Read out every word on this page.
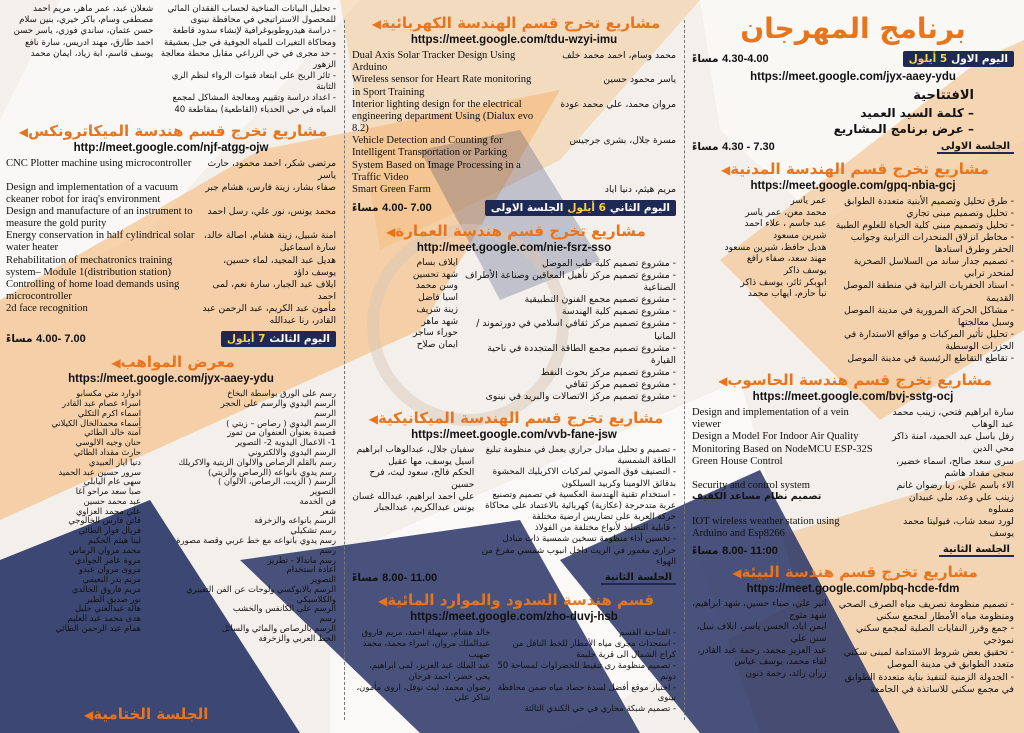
برنامج المهرجان
اليوم الاول
5 أيلول
4.30-4.00 مساءً
https://meet.google.com/jyx-aaey-ydu
الافتتاحية
– كلمة السيد العميد
– عرض برنامج المشاريع
الجلسة الاولى
7.30 - 4.30 مساءً
مشاريع تخرج قسم الهندسة المدنية◀
https://meet.google.com/gpq-nbia-gcj
- طرق تحليل وتصميم الأبنية متعددة الطوابق
- تحليل وتصميم مبنى تجاري
- تحليل وتصميم مبنى كلية الحياة للعلوم الطبية
- مخاطر انزلاق المنحدرات الترابية وجوانب الحفر وطرق اسنادها
- تصميم جدار ساند من السلاسل الصخرية لمنحدر ترابي
- اسناد الحفريات الترابية في منطقة الموصل القديمة
- مشاكل الحركة المرورية في مدينة الموصل وسبل معالجتها
- تحليل تأثير المركبات و مواقع الاستدارة في الجزرات الوسطية
- تقاطع التقاطع الرئيسية في مدينة الموصل
عمر ياسر
محمد معن، عمر ياسر
عبد جاسم ، علاء احمد
شيرين مسعود
هديل حافظ، شيرين مسعود
مهند سعد، صفاء رافع
يوسف ذاكر
ابوبكر ثائر، يوسف ذاكر
نبأ حازم، ايهاب محمد
مشاريع تخرج قسم هندسة الحاسوب◀
https://meet.google.com/bvj-sstg-ocj
سارة ابراهيم فتحي، زينب محمد عبد الوهاب
Design and implementation of a vein viewer
رفل باسل عبد الحميد، امنة ذاكر محي الدين
Design a Model For Indoor Air Quality Monitoring Based on NodeMCU ESP-32S
سرى سعد صالح، اسماء خضير، سجى مقداد هاشم
Green House Control
الاء باسم علي، ربا رضوان غانم
Security and control system
زينب علي وعد، ملى عبيدان مسلوه
تصميم نظام مساعد الكفيف
لورد سعد شاب، فيوليتا محمد يوسف
IOT wireless weather station using Arduino and Esp8266
الجلسة الثانية
11:00 -8.00 مساءً
مشاريع تخرج قسم هندسة البيئة◀
https://meet.google.com/pbq-hcde-fdm
- تصميم منظومة تصريف مياه الصرف الصحي ومنظومة مياه الأمطار لمجمع سكني
- جمع وفرز النفايات الصلبة لمجمع سكني نموذجي
- تحقيق بعض شروط الاستدامة لمبنى سكني متعدد الطوابق في مدينة الموصل
- الجدولة الزمنية لتنفيذ بناية متعددة الطوابق في مجمع سكني للاساتذة في الجامعة
اثير علي، صباء حسين، شهد ابراهيم، شهد مثوج
ايمن اياد، الحسن ياسر، ايلاف نبيل، سنن علي
عبد العزيز محمد، رحمة عبد القادر، لقاء محمد، يوسف عباس
زران رائد، رحمة ذنون
مشاريع تخرج قسم الهندسة الكهربائية◀
https://meet.google.com/tdu-wzyi-imu
محمد وسام، احمد محمد خلف
Dual Axis Solar Tracker Design Using Arduino
ياسر محمود حسين
Wireless sensor for Heart Rate monitoring in Sport Training
مروان محمد، علي محمد عودة
Interior lighting design for the electrical engineering department Using (Dialux evo 8.2)
مسرة جلال، بشرى جرجيس
Vehicle Detection and Counting for Intelligent Transportation or Parking System Based on Image Processing in a Traffic Video
مريم هيثم، دنيا اياد
Smart Green Farm
اليوم الثاني
6 أيلول
الجلسة الاولى
7.00 -4.00 مساءً
مشاريع تخرج قسم هندسة العمارة◀
http://meet.google.com/nie-fsrz-sso
- مشروع تصميم كلية طب الموصل
- مشروع تصميم مركز تأهيل المعاقين وصناعة الأطراف الصناعية
- مشروع تصميم مجمع الفنون التطبيقية
- مشروع تصميم كلية الهندسة
- مشروع تصميم مركز ثقافي اسلامي في دورتموند / المانيا
- مشروع تصميم مجمع الطاقة المتجددة في ناحية القيارة
- مشروع تصميم مركز بحوث النفط
- مشروع تصميم مركز ثقافي
- مشروع تصميم مركز الاتصالات والبريد في نينوى
ايلاف بسام
شهد تحسين
وسن محمد
اسيا فاضل
زينة شريف
شهد ماهر
حوراء ساجر
ايمان صلاح
مشاريع تخرج قسم الهندسة الميكانيكية◀
https://meet.google.com/vvb-fane-jsw
- تصميم و تحليل مبادل حراري يعمل في منظومة تبليغ الطاقة الشمسية
- التصنيف فوق الصوتي لمركبات الاكريليك المحشوة بدقائق الالومينا وكربيد السيلكون
- استخدام تقنية الهندسة العكسية في تصميم وتصنيع عربة متدحرجة (عكازية) كهربائية بالاعتماد على محاكاة حركة العربة على تضاريس ارضية مختلفة
- قابلية التصليد لأنواع مختلفة من الفولاذ
- تحسين أداء منظومة تسخين شمسية ذات مبادل حراري مغمور في الزيت داخل انبوب شمسي مفرغ من الهواء
سفيان جلال، عبدالوهاب ابراهيم
اسيل يوسف، مها عقيل
الحكم فالح، سعود ليث، فرح حسين
علي احمد ابراهيم، عبدالله غسان
يونس عبدالكريم، عبدالجبار
الجلسة الثانية
11.00 -8.00 مساءً
قسم هندسة السدود والموارد المائية◀
https://meet.google.com/zho-duvj-hsb
- الفتاحية القسم
- استحداث مجرى مياه الأمطار للخط الناقل من كراج الشمال الى قرية حليمة
- تصميم منظومة ري تنقيط للخضراوات لمساحة 50 دونم
- اختيار موقع أفضل لسدة حصاد مياه ضمن محافظة نينوى
- تصميم شبكة مجاري في حي الكندي الثالثة
خالد هشام، سهيلة احمد، مريم فاروق
عبدالملك مروان، اسراء محمد، محمد صهيب
عبد الملك عبد العزيز، لمى ابراهيم، يحي خضر، احمد فرحان
رضوان محمد، ليث نوفل، اروى مأمون، شاكر علي
- تحليل البيانات المناخية لحساب الفقدان المائي للمحصول الاستراتيجي في محافظة نينوى
- دراسة هيدروطوبوغرافية لإنشاء سدود قاطعة ومحاكاة التغيرات للمياه الجوفية في جبل بعشيقة
- حد مجرى في حي الزراعي مقابل محطة معالجة الزهور
- ثائر الربح على ابتعاد قنوات الرواء لنظم الري الثابتة
- اعداد دراسة وتقييم ومعالجة المشاكل لمجمع المياه في حي الحدباء (القاطعية) بمقاطعة 40
شعلان عبد، عمر ماهر، مريم احمد
مصطفى وسام، باكر خيري، بنين سلام
حسن عثمان، ساندي فوزي، ياسر حسن
احمد طارق، مهند ادريس، سارة نافع
يوسف قاسم، ابة زياد، ايمان محمد
مشاريع تخرج قسم هندسة الميكاترونكس◀
http://meet.google.com/njf-atgg-ojw
مرتضى شكر، احمد محمود، حارث ياسر
CNC Plotter machine using microcontroller
صفاء بشار، زينة فارس، هشام جبر
Design and implementation of a vacuum ckeaner robot for iraq's environment
محمد يونس، نور علي، رسل احمد
Design and manufacture of an instrument to measure the gold purity
امنة شبيل، زينة هشام، اصالة خالد، سارة اسماعيل
Energy conservation in half cylindrical solar water heater
هديل عبد المجيد، لماء حسين، يوسف داؤد
Rehabilitation of mechatronics training system– Module 1(distribution station)
ايلاف عبد الجبار، سارة نعم، لمى احمد
Controlling of home load demands using microcontroller
مأمون عبد الكريم، عبد الرحمن عبد القادر، رنا عبدالله
2d face recognition
اليوم الثالث
7 أيلول
7.00 -4.00 مساءً
معرض المواهب◀
https://meet.google.com/jyx-aaey-ydu
رسم على الورق بواسطة البخاخ
الرسم اليدوي والرسم على الحجر
الرسم
الرسم اليدوي ( رصاص – زيتي )
قصيدة بعنوان العنفوان من تموز
1- الاعمال اليدوية 2- التصوير
الرسم اليدوي والالكتروني
رسم بالقلم الرصاص والالوان الزيتية والاكريلك
رسم يدوي بانواعه (الرصاص والزيتي)
الرسم ( الزيت، الرصاص، الالوان )
التصوير
فن الخدمة
شعر
الرسم بانواعه والزخرفة
رسم تشكيلي
رسم يدوي بانواعه مع خط عربي وقصة مصورة
رسم
رسم ماندالا - تطريز
اعادة استخدام
التصوير
الرسم بالابوكسي ولوحات عن الفن التعبيري والكلاسيكي
الرسم على الكانفس والخشب
رسم
الرسم بالرصاص والمائي والسائل
الخط العربي والزخرفة
ادوارد متي مكسابو
اسراء عصام عبد القادر
اسماء اكرم الثكلي
أسماء محمدالخال الكيلاني
آمنة خالد الطائي
حنان وجيه الالوسي
حارث مقداد الطائي
دنيا اياز العبيدي
سرور حسين عبد الحميد
سهى عام اليابلي
صبا سعد مراحو آغا
عبد محمد حسين
علي محمد العزاوي
فاتن فارس الخالوجي
فريال فواز الطائي
لينا هيثم الحكيم
محمد مروان الرماس
مروة عامر الجوادي
مروى مروان عبدو
مريم بدر النعيمي
مريم فاروق الخالدي
نور صديق الطير
هالة عبدالغني خليل
هدى محمد عبد العليم
همام عبد الرحمن الطائي
الجلسة الختامية◀
